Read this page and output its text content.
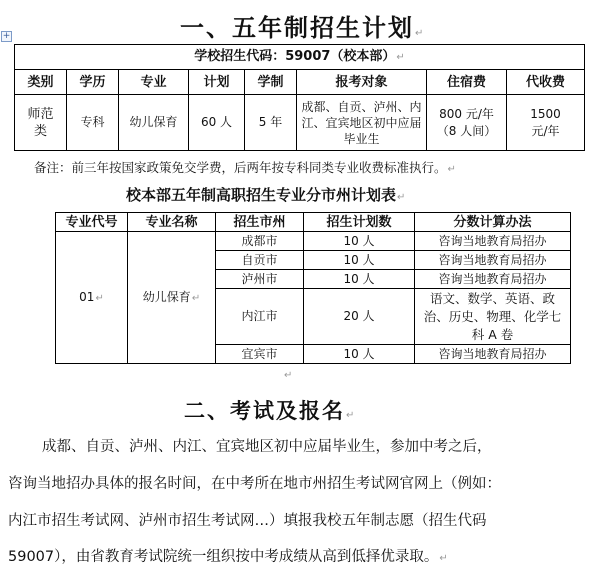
+	一、五年制招生计划↵
学校招生代码：59007（校本部）↵							
类别	学历	专业	计划	学制	报考对象	住宿费	代收费

师范类	专科	幼儿保育	60 人	5 年	成都、自贡、泸州、内江、宜宾地区初中应届毕业生	800 元/年（8 人间）	1500 元/年
备注：前三年按国家政策免交学费，后两年按专科同类专业收费标准执行。↵
校本部五年制高职招生专业分市州计划表↵
专业代号	专业名称	招生市州	招生计划数	分数计算办法
01↵	幼儿保育↵	成都市	10 人	咨询当地教育局招办
		自贡市	10 人	咨询当地教育局招办
		泸州市	10 人	咨询当地教育局招办
		内江市	20 人	语文、数学、英语、政治、历史、物理、化学七科 A 卷

		宜宾市	10 人	咨询当地教育局招办
↵
二、考试及报名↵
成都、自贡、泸州、内江、宜宾地区初中应届毕业生，参加中考之后，
咨询当地招办具体的报名时间，在中考所在地市州招生考试网官网上（例如：
内江市招生考试网、泸州市招生考试网…）填报我校五年制志愿（招生代码
59007），由省教育考试院统一组织按中考成绩从高到低择优录取。↵
